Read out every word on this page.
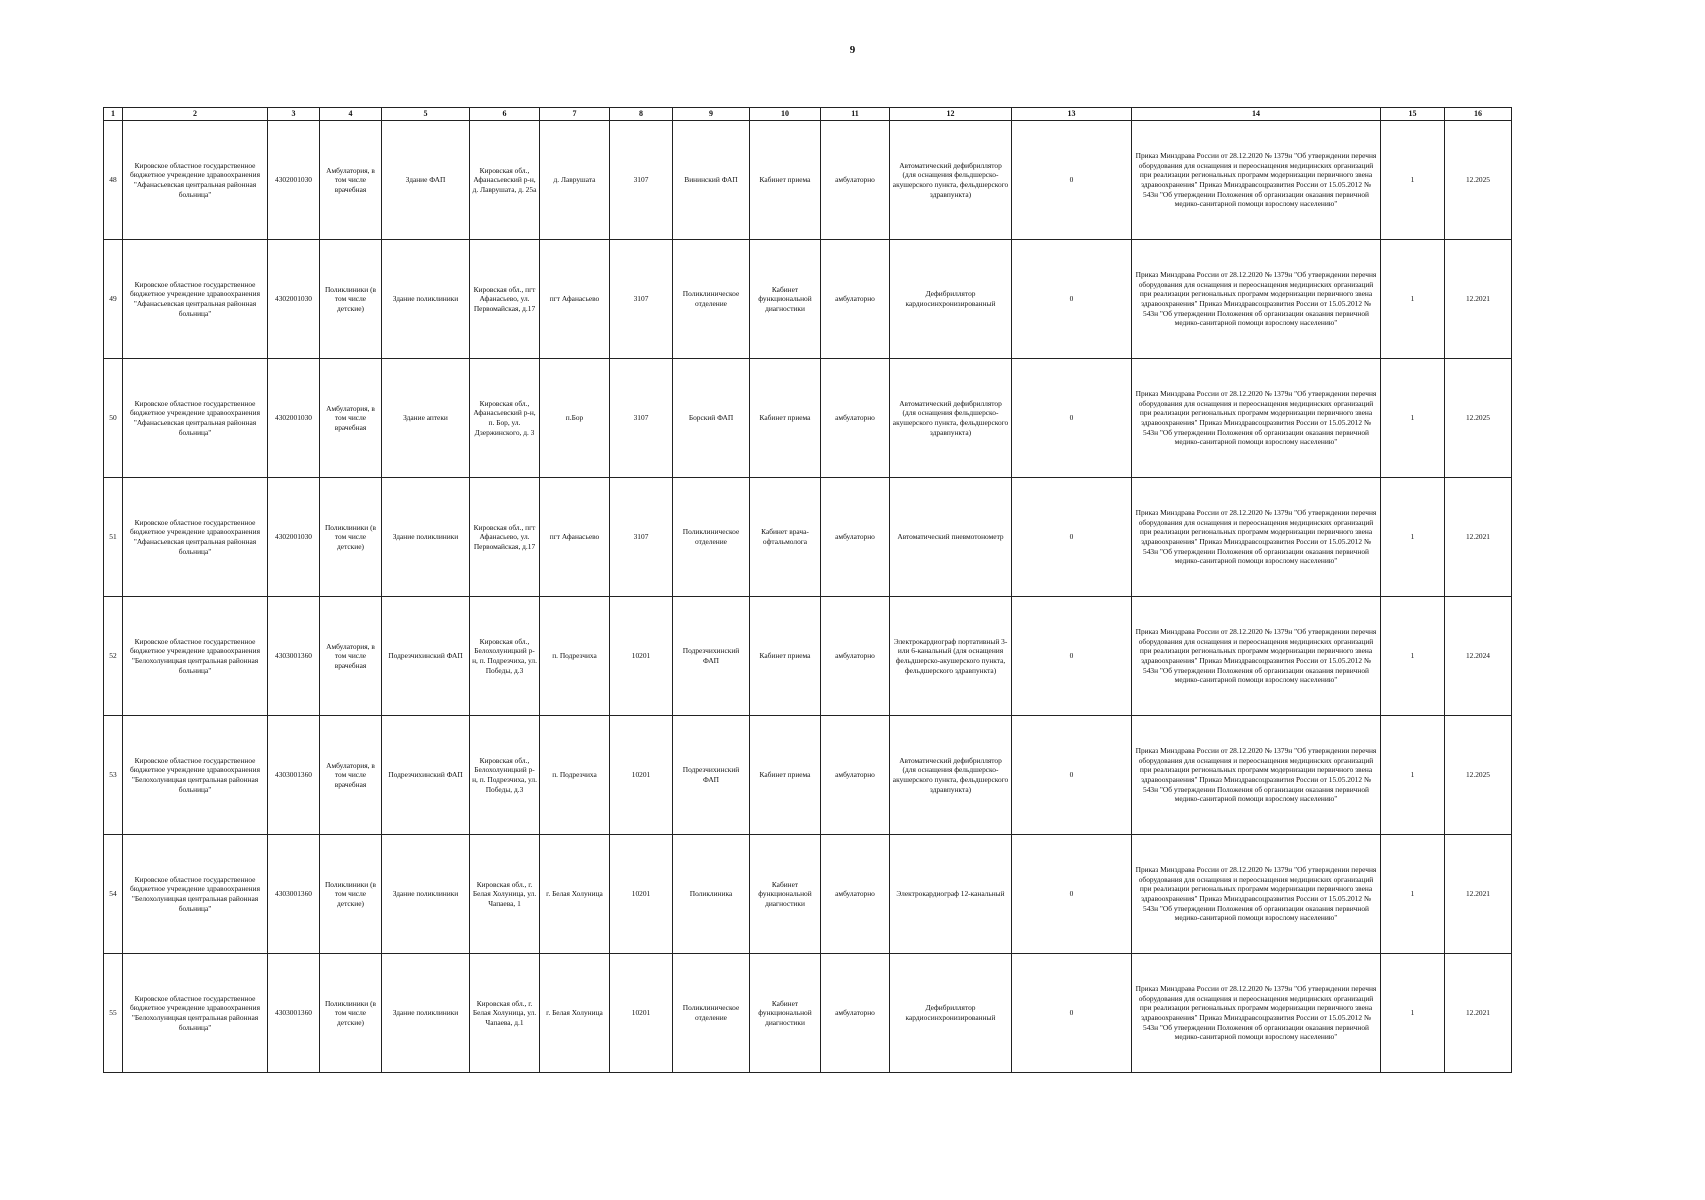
9
1	2	3	4	5	6	7	8	9	10	11	12	13	14	15	16
48	Кировское областное государственное бюджетное учреждение здравоохранения "Афанасьевская центральная районная больница"	4302001030	Амбулатория, в том числе врачебная	Здание ФАП	Кировская обл., Афанасьевский р-н, д. Лаврушата, д. 25а	д. Лаврушата	3107	Вининский ФАП	Кабинет приема	амбулаторно	Автоматический дефибриллятор (для оснащения фельдшерско-акушерского пункта, фельдшерского здравпункта)	0	Приказ Минздрава России от 28.12.2020 № 1379н "Об утверждении перечня оборудования для оснащения и переоснащения медицинских организаций при реализации региональных программ модернизации первичного звена здравоохранения" Приказ Минздравсоцразвития России от 15.05.2012 № 543н "Об утверждении Положения об организации оказания первичной медико-санитарной помощи взрослому населению"	1	12.2025
49	Кировское областное государственное бюджетное учреждение здравоохранения "Афанасьевская центральная районная больница"	4302001030	Поликлиники (в том числе детские)	Здание поликлиники	Кировская обл., пгт Афанасьево, ул. Первомайская, д.17	пгт Афанасьево	3107	Поликлиническое отделение	Кабинет функциональной диагностики	амбулаторно	Дефибриллятор кардиосинхронизированный	0	Приказ Минздрава России от 28.12.2020 № 1379н "Об утверждении перечня оборудования для оснащения и переоснащения медицинских организаций при реализации региональных программ модернизации первичного звена здравоохранения" Приказ Минздравсоцразвития России от 15.05.2012 № 543н "Об утверждении Положения об организации оказания первичной медико-санитарной помощи взрослому населению"	1	12.2021
50	Кировское областное государственное бюджетное учреждение здравоохранения "Афанасьевская центральная районная больница"	4302001030	Амбулатория, в том числе врачебная	Здание аптеки	Кировская обл., Афанасьевский р-н, п. Бор, ул. Дзержинского, д. 3	п.Бор	3107	Борский ФАП	Кабинет приема	амбулаторно	Автоматический дефибриллятор (для оснащения фельдшерско-акушерского пункта, фельдшерского здравпункта)	0	Приказ Минздрава России от 28.12.2020 № 1379н "Об утверждении перечня оборудования для оснащения и переоснащения медицинских организаций при реализации региональных программ модернизации первичного звена здравоохранения" Приказ Минздравсоцразвития России от 15.05.2012 № 543н "Об утверждении Положения об организации оказания первичной медико-санитарной помощи взрослому населению"	1	12.2025
51	Кировское областное государственное бюджетное учреждение здравоохранения "Афанасьевская центральная районная больница"	4302001030	Поликлиники (в том числе детские)	Здание поликлиники	Кировская обл., пгт Афанасьево, ул. Первомайская, д.17	пгт Афанасьево	3107	Поликлиническое отделение	Кабинет врача-офтальмолога	амбулаторно	Автоматический пневмотонометр	0	Приказ Минздрава России от 28.12.2020 № 1379н "Об утверждении перечня оборудования для оснащения и переоснащения медицинских организаций при реализации региональных программ модернизации первичного звена здравоохранения" Приказ Минздравсоцразвития России от 15.05.2012 № 543н "Об утверждении Положения об организации оказания первичной медико-санитарной помощи взрослому населению"	1	12.2021
52	Кировское областное государственное бюджетное учреждение здравоохранения "Белохолуницкая центральная районная больница"	4303001360	Амбулатория, в том числе врачебная	Подрезчихинский ФАП	Кировская обл., Белохолуницкий р-н, п. Подрезчиха, ул. Победы, д.3	п. Подрезчиха	10201	Подрезчихинский ФАП	Кабинет приема	амбулаторно	Электрокардиограф портативный 3- или 6-канальный (для оснащения фельдшерско-акушерского пункта, фельдшерского здравпункта)	0	Приказ Минздрава России от 28.12.2020 № 1379н "Об утверждении перечня оборудования для оснащения и переоснащения медицинских организаций при реализации региональных программ модернизации первичного звена здравоохранения" Приказ Минздравсоцразвития России от 15.05.2012 № 543н "Об утверждении Положения об организации оказания первичной медико-санитарной помощи взрослому населению"	1	12.2024
53	Кировское областное государственное бюджетное учреждение здравоохранения "Белохолуницкая центральная районная больница"	4303001360	Амбулатория, в том числе врачебная	Подрезчихинский ФАП	Кировская обл., Белохолуницкий р-н, п. Подрезчиха, ул. Победы, д.3	п. Подрезчиха	10201	Подрезчихинский ФАП	Кабинет приема	амбулаторно	Автоматический дефибриллятор (для оснащения фельдшерско-акушерского пункта, фельдшерского здравпункта)	0	Приказ Минздрава России от 28.12.2020 № 1379н "Об утверждении перечня оборудования для оснащения и переоснащения медицинских организаций при реализации региональных программ модернизации первичного звена здравоохранения" Приказ Минздравсоцразвития России от 15.05.2012 № 543н "Об утверждении Положения об организации оказания первичной медико-санитарной помощи взрослому населению"	1	12.2025
54	Кировское областное государственное бюджетное учреждение здравоохранения "Белохолуницкая центральная районная больница"	4303001360	Поликлиники (в том числе детские)	Здание поликлиники	Кировская обл., г. Белая Холуница, ул. Чапаева, 1	г. Белая Холуница	10201	Поликлиника	Кабинет функциональной диагностики	амбулаторно	Электрокардиограф 12-канальный	0	Приказ Минздрава России от 28.12.2020 № 1379н "Об утверждении перечня оборудования для оснащения и переоснащения медицинских организаций при реализации региональных программ модернизации первичного звена здравоохранения" Приказ Минздравсоцразвития России от 15.05.2012 № 543н "Об утверждении Положения об организации оказания первичной медико-санитарной помощи взрослому населению"	1	12.2021
55	Кировское областное государственное бюджетное учреждение здравоохранения "Белохолуницкая центральная районная больница"	4303001360	Поликлиники (в том числе детские)	Здание поликлиники	Кировская обл., г. Белая Холуница, ул. Чапаева, д.1	г. Белая Холуница	10201	Поликлиническое отделение	Кабинет функциональной диагностики	амбулаторно	Дефибриллятор кардиосинхронизированный	0	Приказ Минздрава России от 28.12.2020 № 1379н "Об утверждении перечня оборудования для оснащения и переоснащения медицинских организаций при реализации региональных программ модернизации первичного звена здравоохранения" Приказ Минздравсоцразвития России от 15.05.2012 № 543н "Об утверждении Положения об организации оказания первичной медико-санитарной помощи взрослому населению"	1	12.2021
